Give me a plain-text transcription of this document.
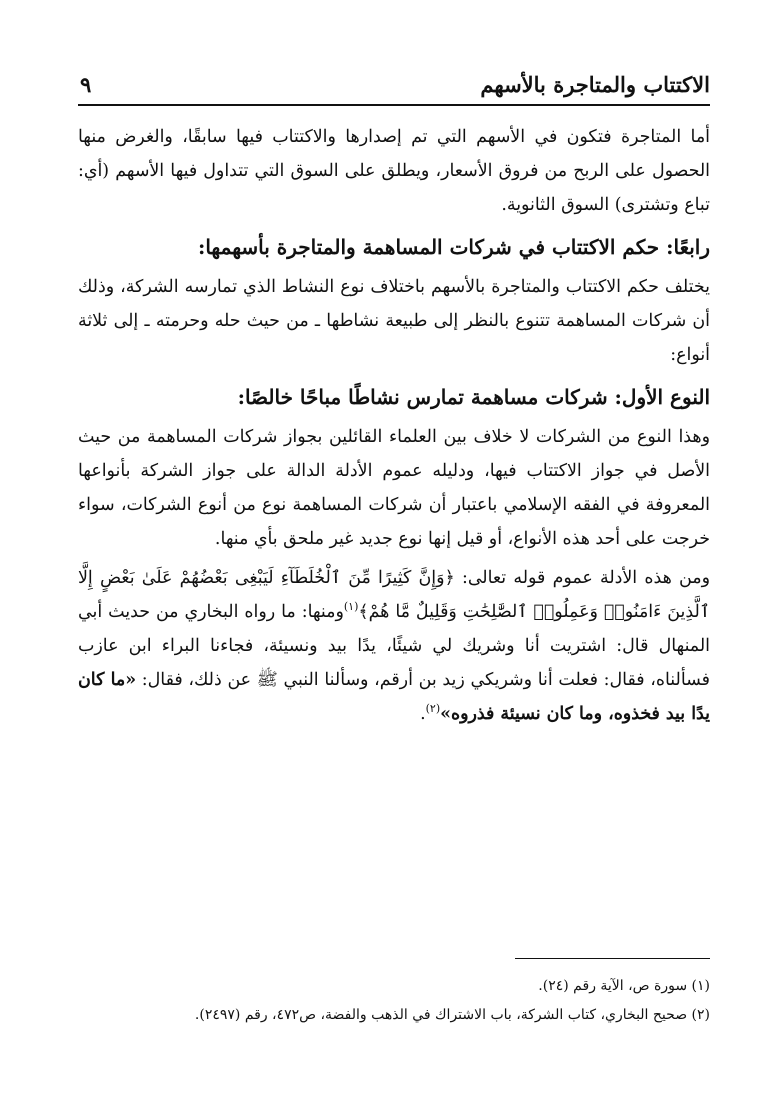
الاكتتاب والمتاجرة بالأسهم
٩

أما المتاجرة فتكون في الأسهم التي تم إصدارها والاكتتاب فيها سابقًا، والغرض منها الحصول على الربح من فروق الأسعار، ويطلق على السوق التي تتداول فيها الأسهم (أي: تباع وتشترى) السوق الثانوية.

رابعًا: حكم الاكتتاب في شركات المساهمة والمتاجرة بأسهمها:

يختلف حكم الاكتتاب والمتاجرة بالأسهم باختلاف نوع النشاط الذي تمارسه الشركة، وذلك أن شركات المساهمة تتنوع بالنظر إلى طبيعة نشاطها ـ من حيث حله وحرمته ـ إلى ثلاثة أنواع:

النوع الأول: شركات مساهمة تمارس نشاطًا مباحًا خالصًا:

وهذا النوع من الشركات لا خلاف بين العلماء القائلين بجواز شركات المساهمة من حيث الأصل في جواز الاكتتاب فيها، ودليله عموم الأدلة الدالة على جواز الشركة بأنواعها المعروفة في الفقه الإسلامي باعتبار أن شركات المساهمة نوع من أنوع الشركات، سواء خرجت على أحد هذه الأنواع، أو قيل إنها نوع جديد غير ملحق بأي منها.

ومن هذه الأدلة عموم قوله تعالى: ﴿وَإِنَّ كَثِيرًا مِّنَ ٱلْخُلَطَآءِ لَيَبْغِى بَعْضُهُمْ عَلَىٰ بَعْضٍ إِلَّا ٱلَّذِينَ ءَامَنُوا۟ وَعَمِلُوا۟ ٱلصَّٰلِحَٰتِ وَقَلِيلٌ مَّا هُمْ﴾$^{(١)}$ومنها: ما رواه البخاري من حديث أبي المنهال قال: اشتريت أنا وشريك لي شيئًا، يدًا بيد ونسيئة، فجاءنا البراء ابن عازب فسألناه، فقال: فعلت أنا وشريكي زيد بن أرقم، وسألنا النبي ﷺ عن ذلك، فقال: «ما كان يدًا بيد فخذوه، وما كان نسيئة فذروه»$^{(٢)}$.

(١) سورة ص، الآية رقم (٢٤).

(٢) صحيح البخاري، كتاب الشركة، باب الاشتراك في الذهب والفضة، ص٤٧٢، رقم (٢٤٩٧).
